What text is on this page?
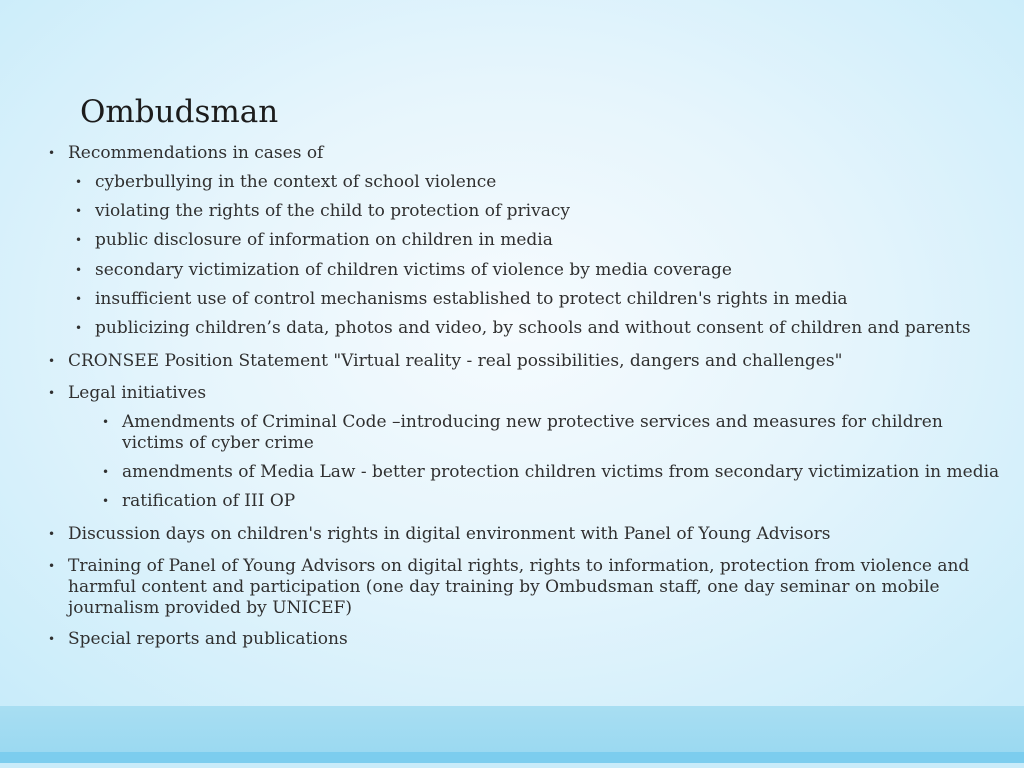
Ombudsman
• Recommendations in cases of
• cyberbullying in the context of school violence
• violating the rights of the child to protection of privacy
• public disclosure of information on children in media
• secondary victimization of children victims of violence by media coverage
• insufficient use of control mechanisms established to protect children's rights in media
• publicizing children’s data, photos and video, by schools and without consent of children and parents
• CRONSEE Position Statement "Virtual reality - real possibilities, dangers and challenges"
• Legal initiatives
• Amendments of Criminal Code –introducing new protective services and measures for children victims of cyber crime
• amendments of Media Law - better protection children victims from secondary victimization in media
• ratification of III OP
• Discussion days on children's rights in digital environment with Panel of Young Advisors
• Training of Panel of Young Advisors on digital rights, rights to information, protection from violence and harmful content and participation (one day training by Ombudsman staff, one day seminar on mobile journalism provided by UNICEF)
• Special reports and publications
